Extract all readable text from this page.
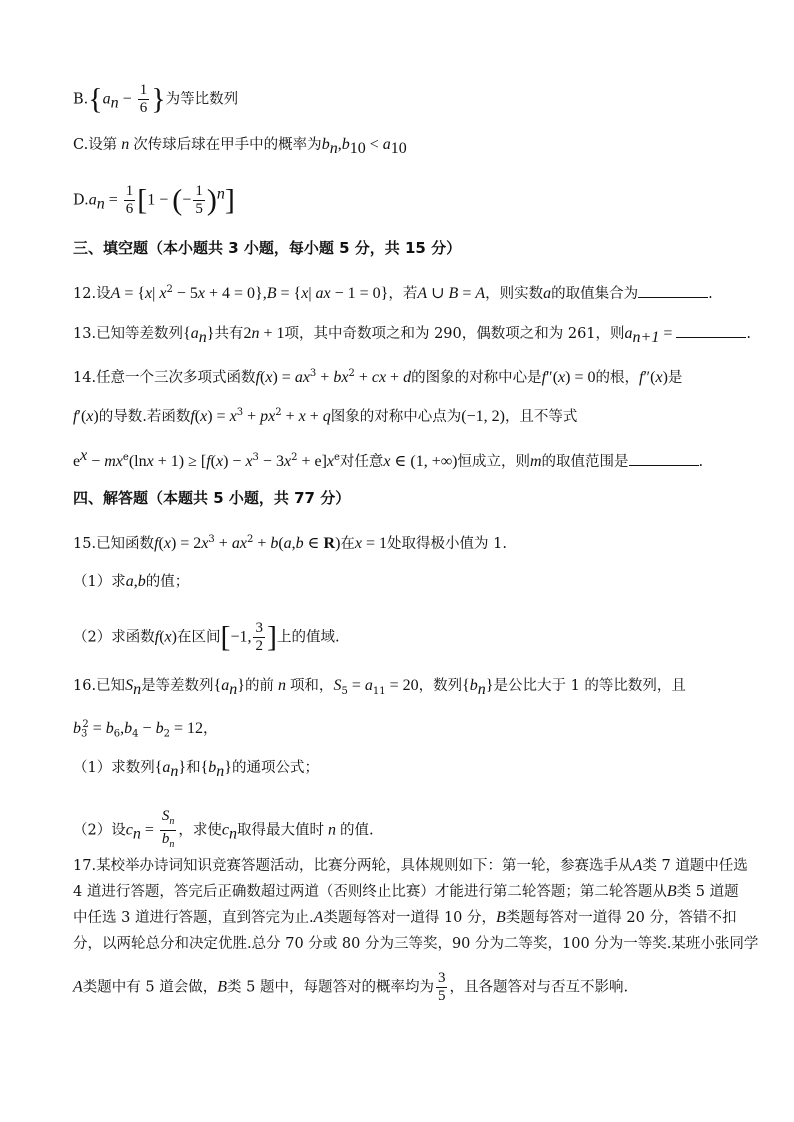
$B.\{a_n - \frac{1}{6}$ }为等比数列
C.设第 n 次传球后球在甲手中的概率为$b_n,b_{10} < a_{10}$
$D.a_n = \frac{1}{6} [1$ − (− $\frac{1}{5} )^n$]
三、填空题（本小题共 3 小题，每小题 5 分，共 15 分）
12.设A = {x| $x^2 - 5x + 4 = 0\},B = \{x|$ ax − 1 = 0}，若A ∪ B = A，则实数a的取值集合为	.
13.已知等差数列$\{a_n\}$共有2n + 1项，其中奇数项之和为 290，偶数项之和为 261，则$a_{n+1}$ =	.
14.任意一个三次多项式函数$f(x) = ax^3 + bx^2$ + cx + d的图象的对称中心是f″(x) = 0的根，f″(x)是
f′(x)的导数.若函数$f(x) = x^3 + px^2 + x + q$图象的对称中心点为(−1, 2)，且不等式
$e^x - mx^e(\ln x + 1) \ge [f(x) - x^3 - 3x^2 + e]x^e$对任意x ∈ (1, +∞)恒成立，则m的取值范围是	.
四、解答题（本题共 5 小题，共 77 分）
15.已知函数$f(x) = 2x^3 + ax^2 + b(a,b$ ∈ R)在x = 1处取得极小值为 1.
（1）求a,b的值；
（2）求函数f(x)在区间[−1, $\frac{3}{2}$ ]上的值域.
16.已知$S_n$是等差数列$\{a_n\}$的前 n 项和，$S_5 = a_{11} = 20$，数列$\{b_n\}$是公比大于 1 的等比数列，且
$b_3^2 = b_6,b_4 - b_2 = 12$，
（1）求数列$\{a_n\}$和$\{b_n\}$的通项公式；
（2）设$c_n = \frac{S_n}{b_n}$ ，求使$c_n$取得最大值时 n 的值.
17.某校举办诗词知识竞赛答题活动，比赛分两轮，具体规则如下：第一轮，参赛选手从A类 7 道题中任选
4 道进行答题，答完后正确数超过两道（否则终止比赛）才能进行第二轮答题；第二轮答题从B类 5 道题
中任选 3 道进行答题，直到答完为止.A类题每答对一道得 10 分，B类题每答对一道得 20 分，答错不扣
分，以两轮总分和决定优胜.总分 70 分或 80 分为三等奖，90 分为二等奖，100 分为一等奖.某班小张同学
A类题中有 5 道会做，B类 5 题中，每题答对的概率均为 $\frac{3}{5}$ ，且各题答对与否互不影响.
